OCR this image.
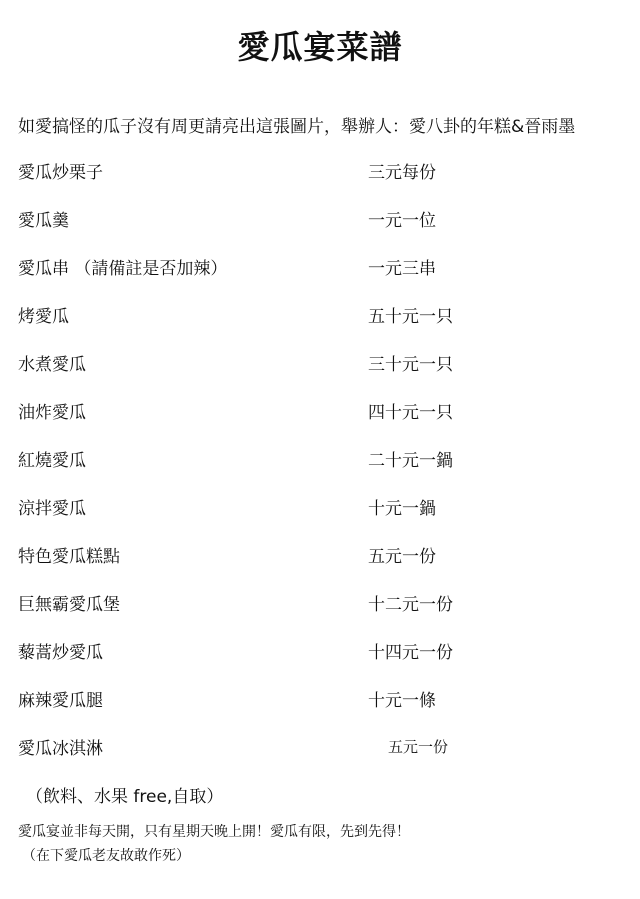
愛瓜宴菜譜
如愛搞怪的瓜子沒有周更請亮出這張圖片，舉辦人：愛八卦的年糕&晉雨墨
愛瓜炒栗子	三元每份
愛瓜羹	一元一位
愛瓜串 （請備註是否加辣）	一元三串
烤愛瓜	五十元一只
水煮愛瓜	三十元一只
油炸愛瓜	四十元一只
紅燒愛瓜	二十元一鍋
涼拌愛瓜	十元一鍋
特色愛瓜糕點	五元一份
巨無霸愛瓜堡	十二元一份
藜蒿炒愛瓜	十四元一份
麻辣愛瓜腿	十元一條
愛瓜冰淇淋	五元一份
（飲料、水果 free,自取）
愛瓜宴並非每天開，只有星期天晚上開！愛瓜有限，先到先得！
（在下愛瓜老友故敢作死）
